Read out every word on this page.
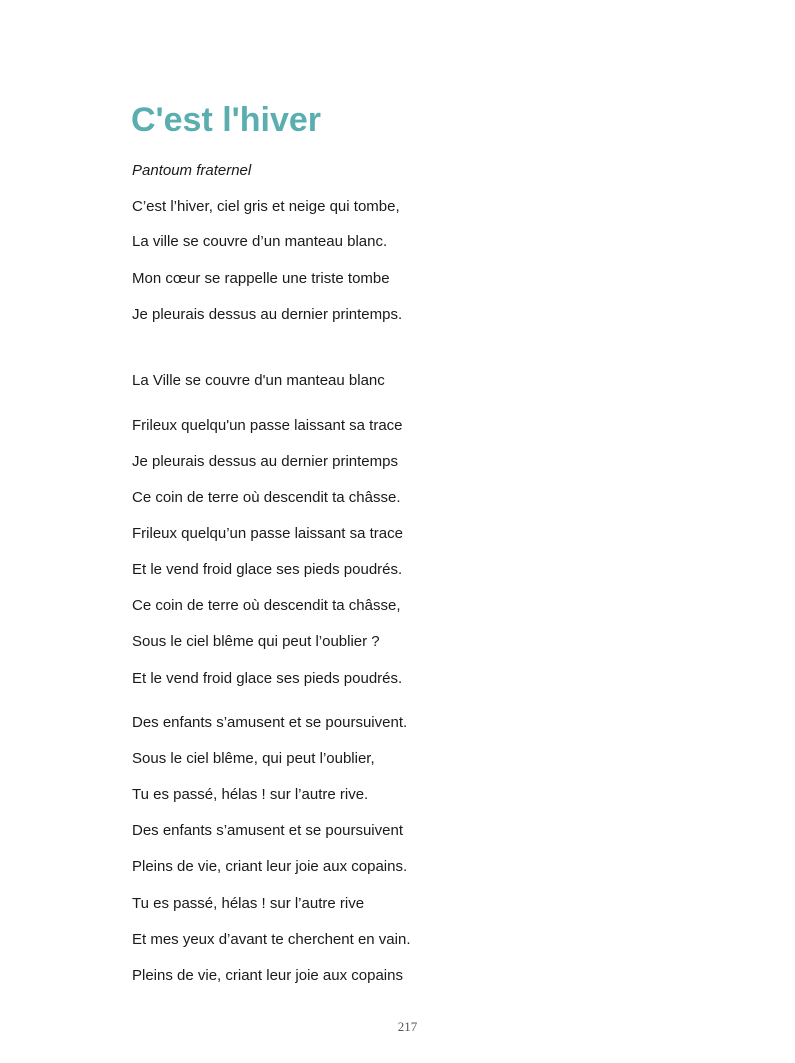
C'est l'hiver

Pantoum fraternel

C’est l’hiver, ciel gris et neige qui tombe,

La ville se couvre d’un manteau blanc.

Mon cœur se rappelle une triste tombe

Je pleurais dessus au dernier printemps.

La Ville se couvre d'un manteau blanc

Frileux quelqu'un passe laissant sa trace

Je pleurais dessus au dernier printemps

Ce coin de terre où descendit ta châsse.

Frileux quelqu’un passe laissant sa trace

Et le vend froid glace ses pieds poudrés.

Ce coin de terre où descendit ta châsse,

Sous le ciel blême qui peut l’oublier ?

Et le vend froid glace ses pieds poudrés.

Des enfants s’amusent et se poursuivent.

Sous le ciel blême, qui peut l’oublier,

Tu es passé, hélas ! sur l’autre rive.

Des enfants s’amusent et se poursuivent

Pleins de vie, criant leur joie aux copains.

Tu es passé, hélas ! sur l’autre rive

Et mes yeux d’avant te cherchent en vain.

Pleins de vie, criant leur joie aux copains

217
